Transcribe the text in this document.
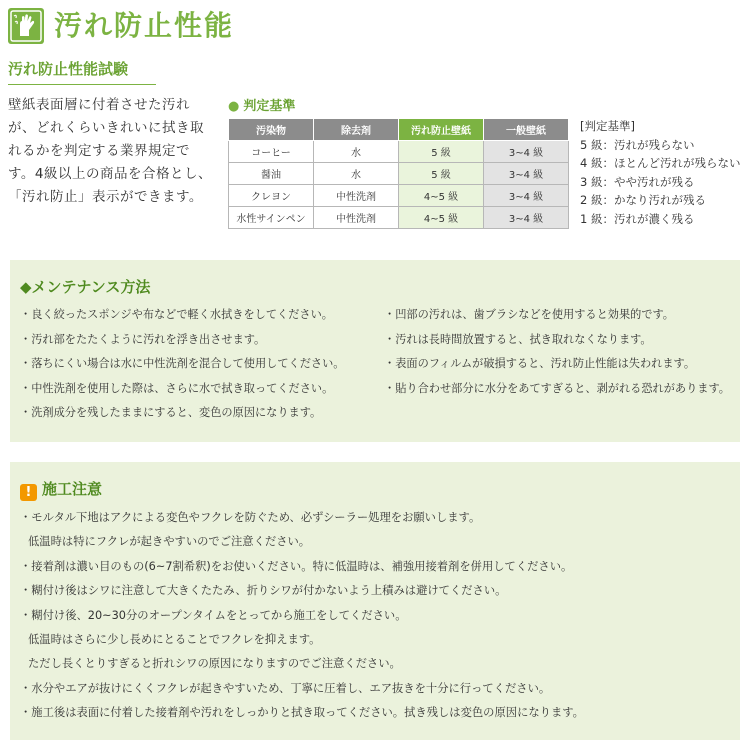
汚れ防止性能
汚れ防止性能試験
壁紙表面層に付着させた汚れが、どれくらいきれいに拭き取れるかを判定する業界規定です。4級以上の商品を合格とし、「汚れ防止」表示ができます。
● 判定基準
汚染物	除去剤	汚れ防止壁紙	一般壁紙
コーヒー	水	5 級	3~4 級
醤油	水	5 級	3~4 級
クレヨン	中性洗剤	4~5 級	3~4 級
水性サインペン	中性洗剤	4~5 級	3~4 級
[判定基準]
5 級：汚れが残らない
4 級：ほとんど汚れが残らない
3 級：やや汚れが残る
2 級：かなり汚れが残る
1 級：汚れが濃く残る
◆メンテナンス方法
・良く絞ったスポンジや布などで軽く水拭きをしてください。
・汚れ部をたたくように汚れを浮き出させます。
・落ちにくい場合は水に中性洗剤を混合して使用してください。
・中性洗剤を使用した際は、さらに水で拭き取ってください。
・洗剤成分を残したままにすると、変色の原因になります。
・凹部の汚れは、歯ブラシなどを使用すると効果的です。
・汚れは長時間放置すると、拭き取れなくなります。
・表面のフィルムが破損すると、汚れ防止性能は失われます。
・貼り合わせ部分に水分をあてすぎると、剥がれる恐れがあります。
! 施工注意
・モルタル下地はアクによる変色やフクレを防ぐため、必ずシーラー処理をお願いします。
低温時は特にフクレが起きやすいのでご注意ください。
・接着剤は濃い目のもの(6~7割希釈)をお使いください。特に低温時は、補強用接着剤を併用してください。
・糊付け後はシワに注意して大きくたたみ、折りシワが付かないよう上積みは避けてください。
・糊付け後、20~30分のオープンタイムをとってから施工をしてください。
低温時はさらに少し長めにとることでフクレを抑えます。
ただし長くとりすぎると折れシワの原因になりますのでご注意ください。
・水分やエアが抜けにくくフクレが起きやすいため、丁寧に圧着し、エア抜きを十分に行ってください。
・施工後は表面に付着した接着剤や汚れをしっかりと拭き取ってください。拭き残しは変色の原因になります。
